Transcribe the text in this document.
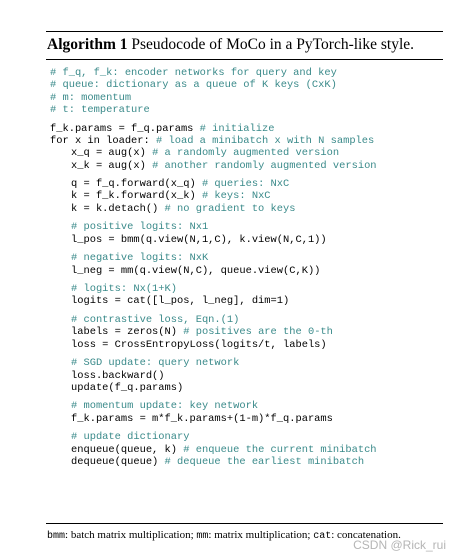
Algorithm 1 Pseudocode of MoCo in a PyTorch-like style.
# f_q, f_k: encoder networks for query and key
# queue: dictionary as a queue of K keys (CxK)
# m: momentum
# t: temperature
f_k.params = f_q.params # initialize
for x in loader: # load a minibatch x with N samples
x_q = aug(x) # a randomly augmented version
x_k = aug(x) # another randomly augmented version
q = f_q.forward(x_q) # queries: NxC
k = f_k.forward(x_k) # keys: NxC
k = k.detach() # no gradient to keys
# positive logits: Nx1
l_pos = bmm(q.view(N,1,C), k.view(N,C,1))
# negative logits: NxK
l_neg = mm(q.view(N,C), queue.view(C,K))
# logits: Nx(1+K)
logits = cat([l_pos, l_neg], dim=1)
# contrastive loss, Eqn.(1)
labels = zeros(N) # positives are the 0-th
loss = CrossEntropyLoss(logits/t, labels)
# SGD update: query network
loss.backward()
update(f_q.params)
# momentum update: key network
f_k.params = m*f_k.params+(1-m)*f_q.params
# update dictionary
enqueue(queue, k) # enqueue the current minibatch
dequeue(queue) # dequeue the earliest minibatch
bmm: batch matrix multiplication; mm: matrix multiplication; cat: concatenation.
CSDN @Rick_rui
